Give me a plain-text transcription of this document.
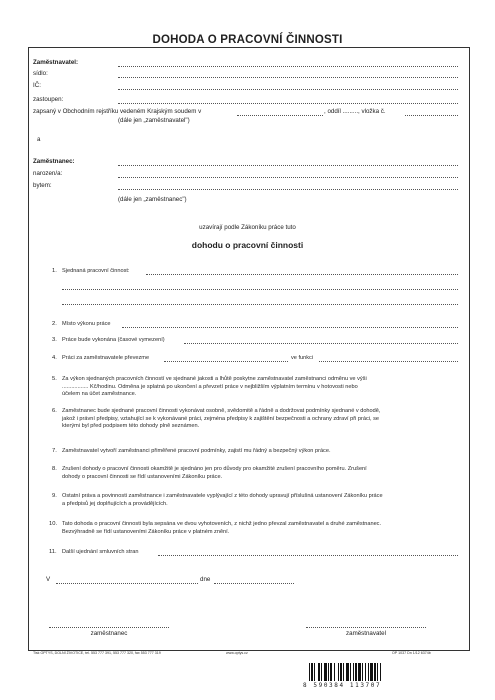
DOHODA O PRACOVNÍ ČINNOSTI
Zaměstnavatel:
sídlo:
IČ:
zastoupen:
zapsaný v Obchodním rejstříku vedeném Krajským soudem v	, oddíl ........., vložka č.
(dále jen „zaměstnavatel")
a
Zaměstnanec:
narozen/a:
bytem:
(dále jen „zaměstnanec")
uzavírají podle Zákoníku práce tuto
dohodu o pracovní činnosti
1. Sjednaná pracovní činnost:
2. Místo výkonu práce
3. Práce bude vykonána (časové vymezení)
4. Práci za zaměstnavatele převezme	ve funkci
5. Za výkon sjednaných pracovních činností ve sjednané jakosti a lhůtě poskytne zaměstnavatel zaměstnanci odměnu ve výši
................. Kč/hodinu. Odměna je splatná po ukončení a převzetí práce v nejbližším výplatním termínu v hotovosti nebo
účelem na účet zaměstnance.
6. Zaměstnanec bude sjednané pracovní činnosti vykonávat osobně, svědomitě a řádně a dodržovat podmínky sjednané v dohodě,
jakož i právní předpisy, vztahující se k vykonávané práci, zejména předpisy k zajištění bezpečnosti a ochrany zdraví při práci, se
kterými byl před podpisem této dohody plně seznámen.
7. Zaměstnavatel vytvoří zaměstnanci přiměřené pracovní podmínky, zajistí mu řádný a bezpečný výkon práce.
8. Zrušení dohody o pracovní činnosti okamžitě je sjednáno jen pro důvody pro okamžité zrušení pracovního poměru. Zrušení
dohody o pracovní činnosti se řídí ustanoveními Zákoníku práce.
9. Ostatní práva a povinnosti zaměstnance i zaměstnavatele vyplývající z této dohody upravují příslušná ustanovení Zákoníku práce
a předpisů jej doplňujících a provádějících.
10. Tato dohoda o pracovní činnosti byla sepsána ve dvou vyhotoveních, z nichž jedno převzal zaměstnavatel a druhé zaměstnanec.
Bezvýhradně se řídí ustanoveními Zákoníku práce v platném znění.
11. Další ujednání smluvních stran
V	dne
zaměstnanec	zaměstnavatel
Tisk OPTYS, DOLNÍ ŽIVOTICE, tel. 553 777 391, 553 777 320, fax 553 777 319	www.optys.cz	OP 1037 Dn 1/12 6374b
8 590384 113707
